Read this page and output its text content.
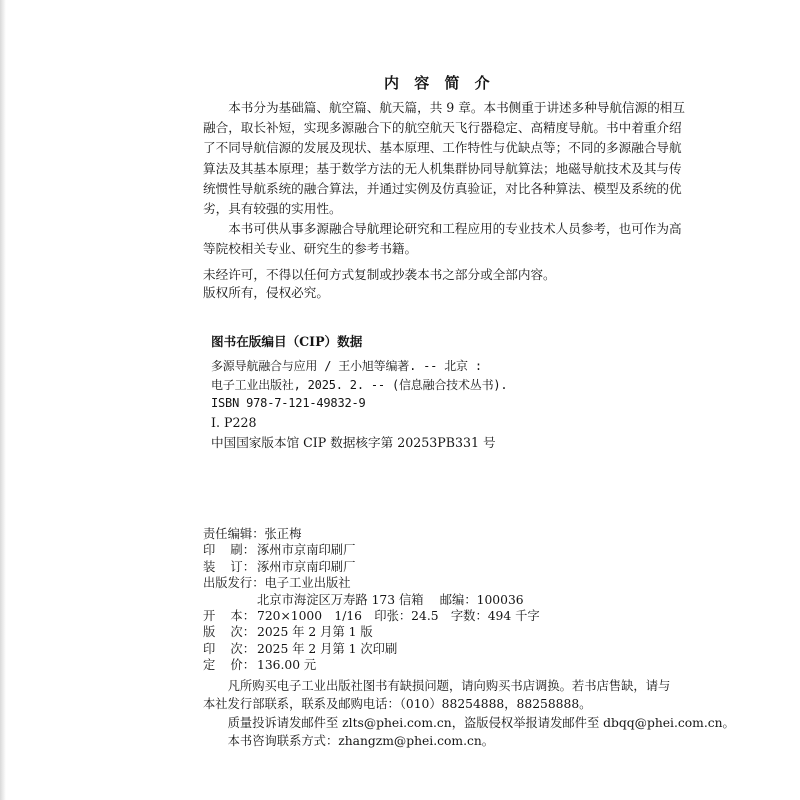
内 容 简 介
　　本书分为基础篇、航空篇、航天篇，共 9 章。本书侧重于讲述多种导航信源的相互
融合，取长补短，实现多源融合下的航空航天飞行器稳定、高精度导航。书中着重介绍
了不同导航信源的发展及现状、基本原理、工作特性与优缺点等；不同的多源融合导航
算法及其基本原理；基于数学方法的无人机集群协同导航算法；地磁导航技术及其与传
统惯性导航系统的融合算法，并通过实例及仿真验证，对比各种算法、模型及系统的优
劣，具有较强的实用性。
　　本书可供从事多源融合导航理论研究和工程应用的专业技术人员参考，也可作为高
等院校相关专业、研究生的参考书籍。
未经许可，不得以任何方式复制或抄袭本书之部分或全部内容。
版权所有，侵权必究。
图书在版编目（CIP）数据
多源导航融合与应用 / 王小旭等编著. -- 北京 :
电子工业出版社, 2025. 2. -- (信息融合技术丛书).
ISBN 978-7-121-49832-9
Ⅰ. P228
中国国家版本馆 CIP 数据核字第 20253PB331 号
责任编辑： 张正梅
印 刷： 涿州市京南印刷厂
装 订： 涿州市京南印刷厂
出版发行： 电子工业出版社
北京市海淀区万寿路 173 信箱　 邮编：100036
开 本： 720×1000　1/16　印张：24.5　字数：494 千字
版 次： 2025 年 2 月第 1 版
印 次： 2025 年 2 月第 1 次印刷
定 价： 136.00 元
　　凡所购买电子工业出版社图书有缺损问题，请向购买书店调换。若书店售缺，请与
本社发行部联系，联系及邮购电话：（010）88254888，88258888。
　　质量投诉请发邮件至 zlts@phei.com.cn，盗版侵权举报请发邮件至 dbqq@phei.com.cn。
　　本书咨询联系方式：zhangzm@phei.com.cn。
